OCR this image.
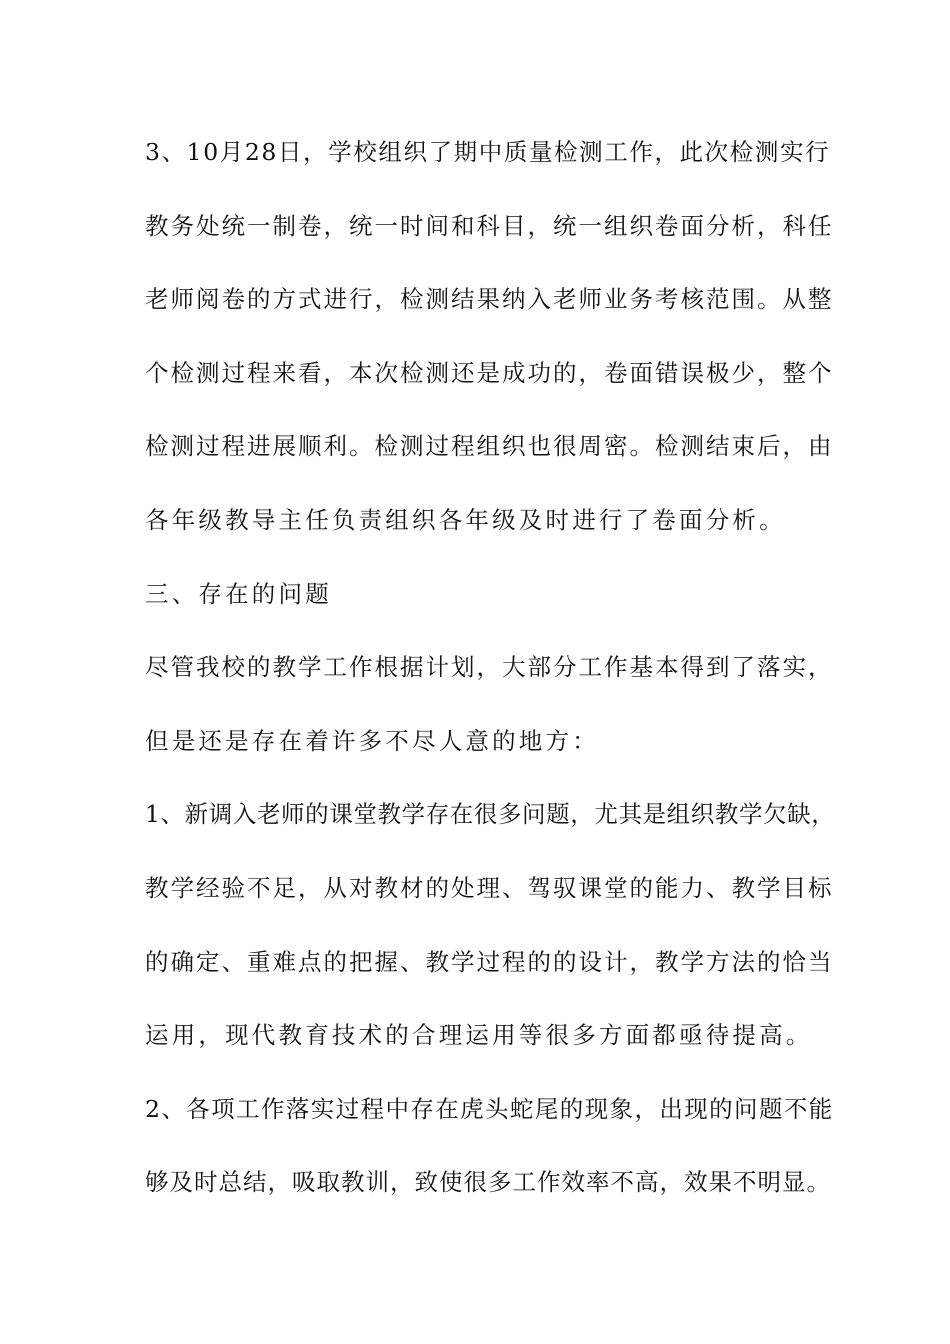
3、10月28日，学校组织了期中质量检测工作，此次检测实行
教务处统一制卷，统一时间和科目，统一组织卷面分析，科任
老师阅卷的方式进行，检测结果纳入老师业务考核范围。从整
个检测过程来看，本次检测还是成功的，卷面错误极少，整个
检测过程进展顺利。检测过程组织也很周密。检测结束后，由
各年级教导主任负责组织各年级及时进行了卷面分析。
三、存在的问题
尽管我校的教学工作根据计划，大部分工作基本得到了落实，
但是还是存在着许多不尽人意的地方：
1、新调入老师的课堂教学存在很多问题，尤其是组织教学欠缺，
教学经验不足，从对教材的处理、驾驭课堂的能力、教学目标
的确定、重难点的把握、教学过程的的设计，教学方法的恰当
运用，现代教育技术的合理运用等很多方面都亟待提高。
2、各项工作落实过程中存在虎头蛇尾的现象，出现的问题不能
够及时总结，吸取教训，致使很多工作效率不高，效果不明显。
